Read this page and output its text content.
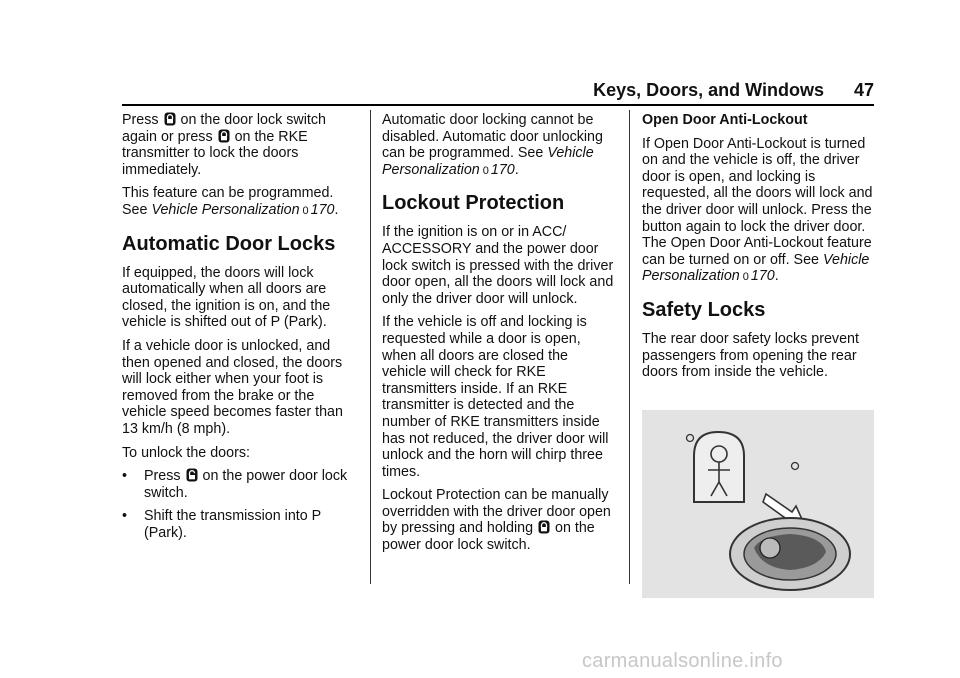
Keys, Doors, and Windows 47

Press on the door lock switch again or press on the RKE transmitter to lock the doors immediately.

This feature can be programmed. See Vehicle Personalization 0 170.

Automatic Door Locks

If equipped, the doors will lock automatically when all doors are closed, the ignition is on, and the vehicle is shifted out of P (Park).

If a vehicle door is unlocked, and then opened and closed, the doors will lock either when your foot is removed from the brake or the vehicle speed becomes faster than 13 km/h (8 mph).

To unlock the doors:

•	Press on the power door lock switch.
•	Shift the transmission into P (Park).

Automatic door locking cannot be disabled. Automatic door unlocking can be programmed. See Vehicle Personalization 0 170.

Lockout Protection

If the ignition is on or in ACC/ ACCESSORY and the power door lock switch is pressed with the driver door open, all the doors will lock and only the driver door will unlock.

If the vehicle is off and locking is requested while a door is open, when all doors are closed the vehicle will check for RKE transmitters inside. If an RKE transmitter is detected and the number of RKE transmitters inside has not reduced, the driver door will unlock and the horn will chirp three times.

Lockout Protection can be manually overridden with the driver door open by pressing and holding on the power door lock switch.

Open Door Anti-Lockout

If Open Door Anti-Lockout is turned on and the vehicle is off, the driver door is open, and locking is requested, all the doors will lock and the driver door will unlock. Press the button again to lock the driver door. The Open Door Anti-Lockout feature can be turned on or off. See Vehicle Personalization 0 170.

Safety Locks

The rear door safety locks prevent passengers from opening the rear doors from inside the vehicle.

carmanualsonline.info
